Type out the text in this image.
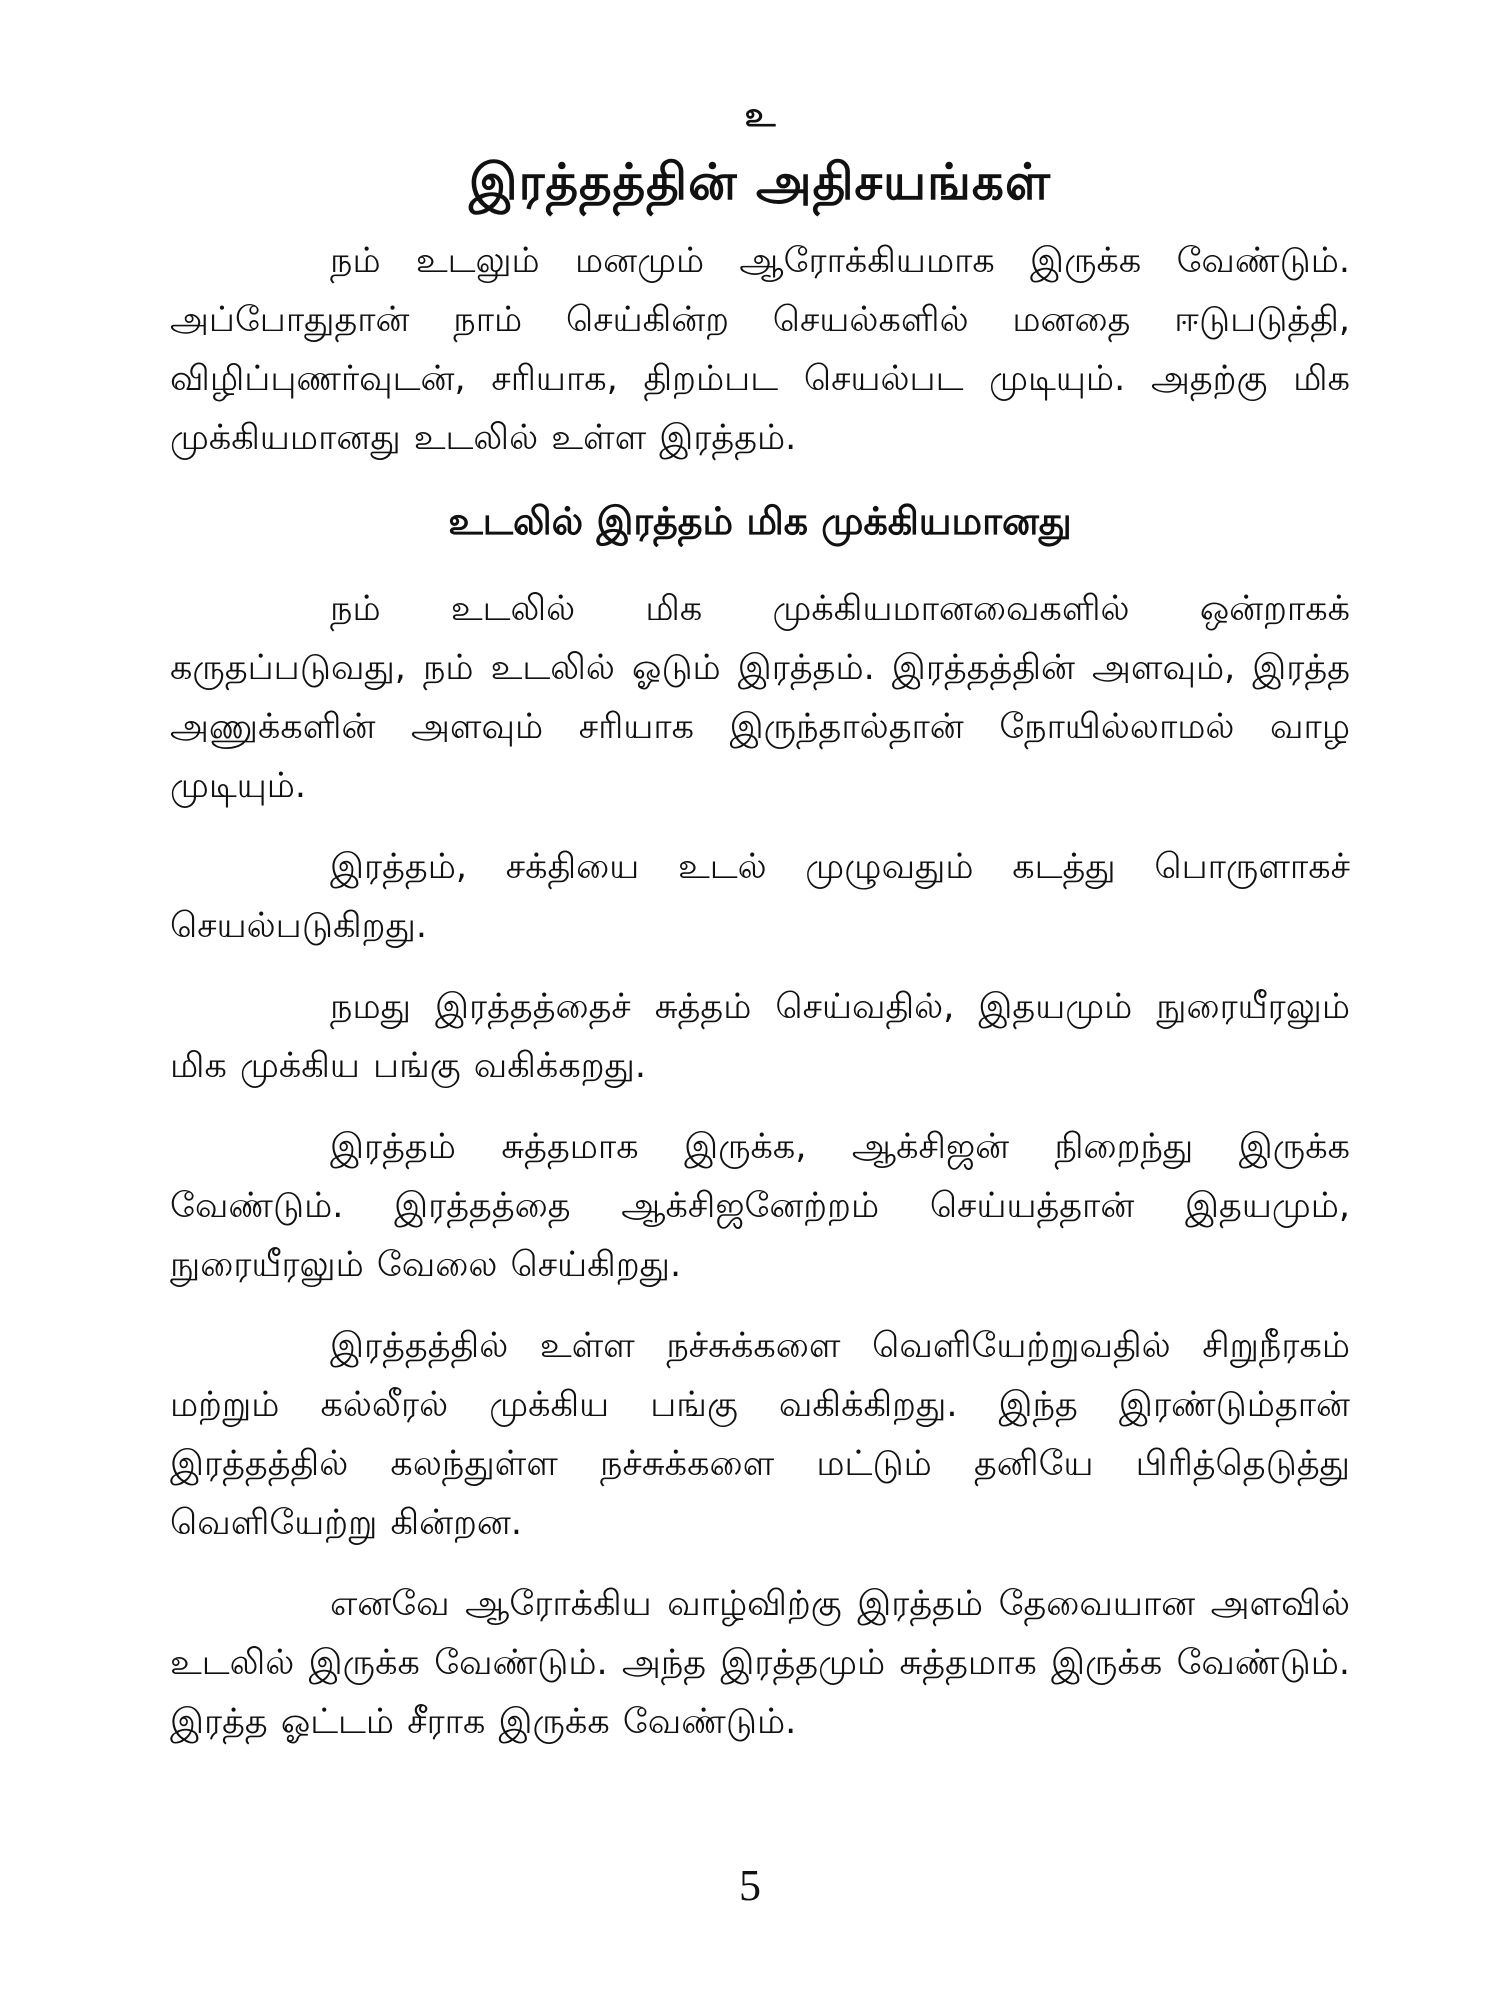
உ
இரத்தத்தின் அதிசயங்கள்

நம் உடலும் மனமும் ஆரோக்கியமாக இருக்க வேண்டும். அப்போதுதான் நாம் செய்கின்ற செயல்களில் மனதை ஈடுபடுத்தி, விழிப்புணர்வுடன், சரியாக, திறம்பட செயல்பட முடியும். அதற்கு மிக முக்கியமானது உடலில் உள்ள இரத்தம்.

உடலில் இரத்தம் மிக முக்கியமானது

நம் உடலில் மிக முக்கியமானவைகளில் ஒன்றாகக் கருதப்படுவது, நம் உடலில் ஓடும் இரத்தம். இரத்தத்தின் அளவும், இரத்த அணுக்களின் அளவும் சரியாக இருந்தால்தான் நோயில்லாமல் வாழ முடியும்.

இரத்தம், சக்தியை உடல் முழுவதும் கடத்து பொருளாகச் செயல்படுகிறது.

நமது இரத்தத்தைச் சுத்தம் செய்வதில், இதயமும் நுரையீரலும் மிக முக்கிய பங்கு வகிக்கறது.

இரத்தம் சுத்தமாக இருக்க, ஆக்சிஜன் நிறைந்து இருக்க வேண்டும். இரத்தத்தை ஆக்சிஜனேற்றம் செய்யத்தான் இதயமும், நுரையீரலும் வேலை செய்கிறது.

இரத்தத்தில் உள்ள நச்சுக்களை வெளியேற்றுவதில் சிறுநீரகம் மற்றும் கல்லீரல் முக்கிய பங்கு வகிக்கிறது. இந்த இரண்டும்தான் இரத்தத்தில் கலந்துள்ள நச்சுக்களை மட்டும் தனியே பிரித்தெடுத்து வெளியேற்று கின்றன.

எனவே ஆரோக்கிய வாழ்விற்கு இரத்தம் தேவையான அளவில் உடலில் இருக்க வேண்டும். அந்த இரத்தமும் சுத்தமாக இருக்க வேண்டும். இரத்த ஓட்டம் சீராக இருக்க வேண்டும்.

5
